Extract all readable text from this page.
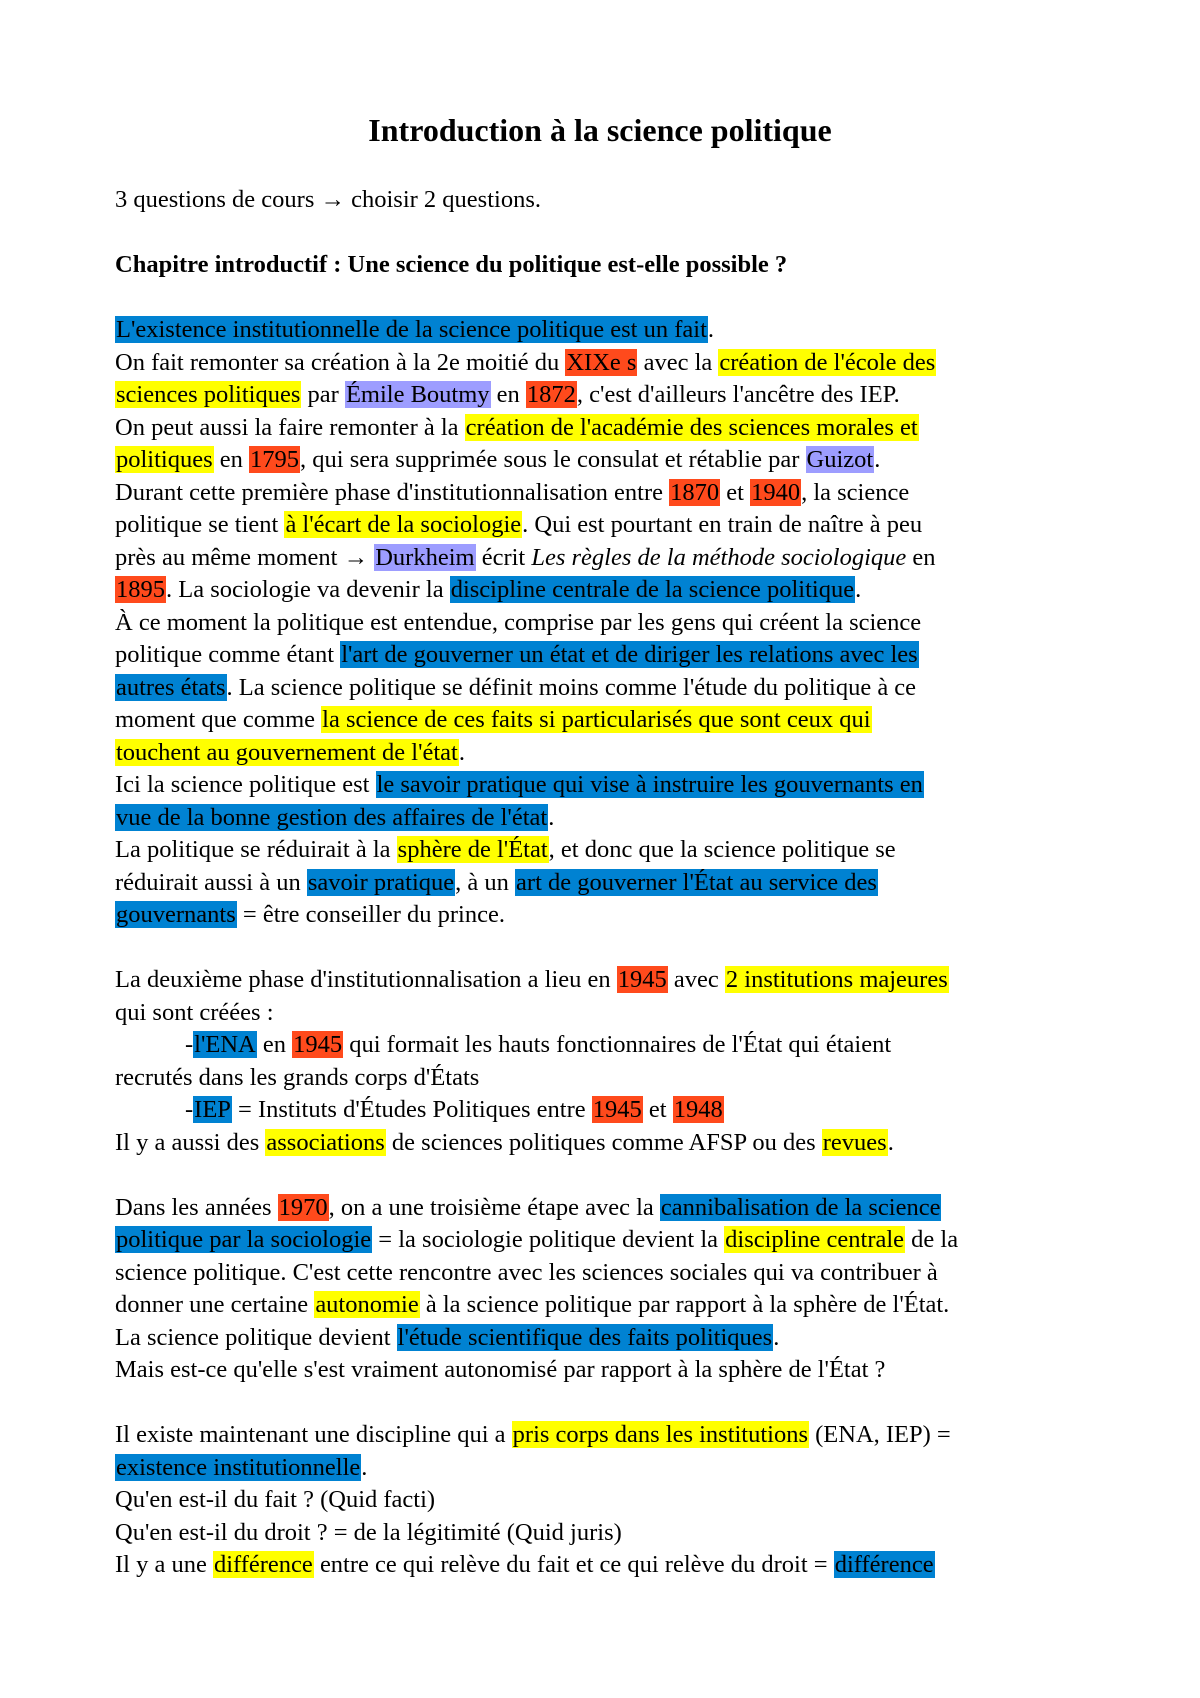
Introduction à la science politique

3 questions de cours → choisir 2 questions.

Chapitre introductif : Une science du politique est-elle possible ?

L'existence institutionnelle de la science politique est un fait.

On fait remonter sa création à la 2e moitié du XIXe s avec la création de l'école des

sciences politiques par Émile Boutmy en 1872, c'est d'ailleurs l'ancêtre des IEP.

On peut aussi la faire remonter à la création de l'académie des sciences morales et

politiques en 1795, qui sera supprimée sous le consulat et rétablie par Guizot.

Durant cette première phase d'institutionnalisation entre 1870 et 1940, la science

politique se tient à l'écart de la sociologie. Qui est pourtant en train de naître à peu

près au même moment → Durkheim écrit Les règles de la méthode sociologique en

1895. La sociologie va devenir la discipline centrale de la science politique.

À ce moment la politique est entendue, comprise par les gens qui créent la science

politique comme étant l'art de gouverner un état et de diriger les relations avec les

autres états. La science politique se définit moins comme l'étude du politique à ce

moment que comme la science de ces faits si particularisés que sont ceux qui

touchent au gouvernement de l'état.

Ici la science politique est le savoir pratique qui vise à instruire les gouvernants en

vue de la bonne gestion des affaires de l'état.

La politique se réduirait à la sphère de l'État, et donc que la science politique se

réduirait aussi à un savoir pratique, à un art de gouverner l'État au service des

gouvernants = être conseiller du prince.

La deuxième phase d'institutionnalisation a lieu en 1945 avec 2 institutions majeures

qui sont créées :

-l'ENA en 1945 qui formait les hauts fonctionnaires de l'État qui étaient

recrutés dans les grands corps d'États

-IEP = Instituts d'Études Politiques entre 1945 et 1948

Il y a aussi des associations de sciences politiques comme AFSP ou des revues.

Dans les années 1970, on a une troisième étape avec la cannibalisation de la science

politique par la sociologie = la sociologie politique devient la discipline centrale de la

science politique. C'est cette rencontre avec les sciences sociales qui va contribuer à

donner une certaine autonomie à la science politique par rapport à la sphère de l'État.

La science politique devient l'étude scientifique des faits politiques.

Mais est-ce qu'elle s'est vraiment autonomisé par rapport à la sphère de l'État ?

Il existe maintenant une discipline qui a pris corps dans les institutions (ENA, IEP) =

existence institutionnelle.

Qu'en est-il du fait ? (Quid facti)

Qu'en est-il du droit ? = de la légitimité (Quid juris)

Il y a une différence entre ce qui relève du fait et ce qui relève du droit = différence
